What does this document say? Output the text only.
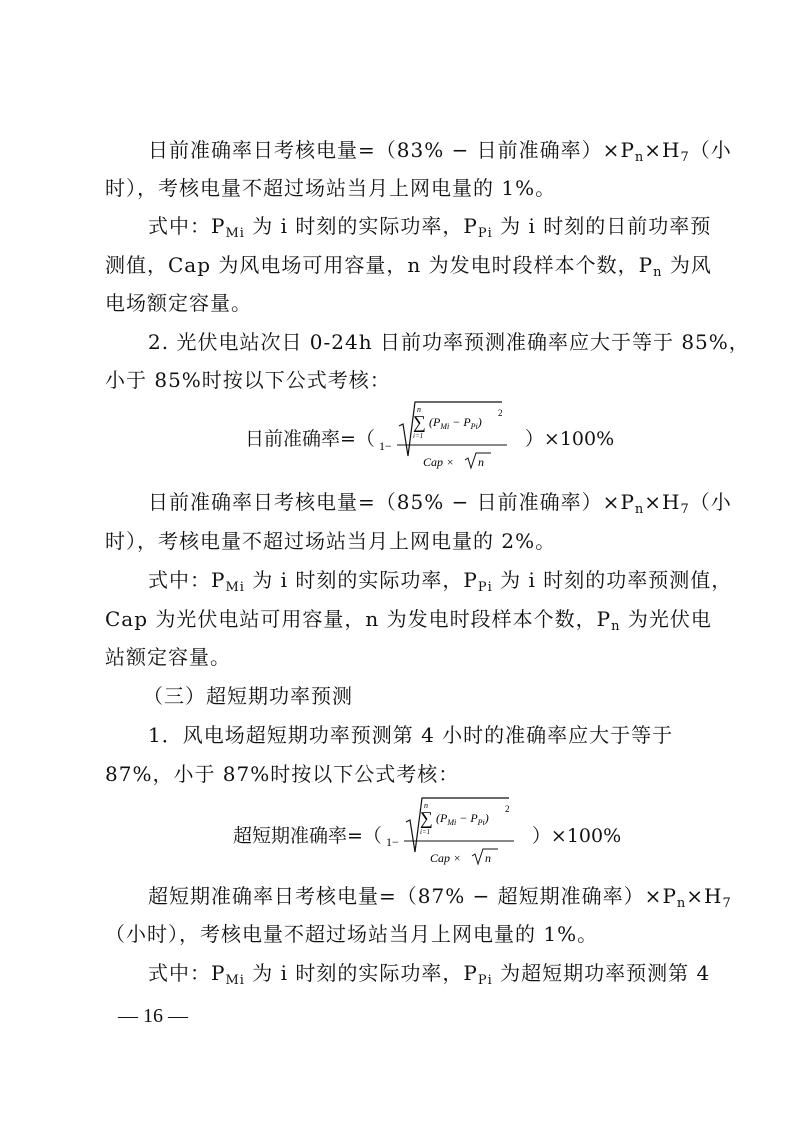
日前准确率日考核电量=（83% − 日前准确率）$\times P_n\times H_7$（小
时），考核电量不超过场站当月上网电量的 1%。
式中：$P_{Mi}$ 为 i 时刻的实际功率，$P_{Pi}$ 为 i 时刻的日前功率预
测值，Cap 为风电场可用容量，n 为发电时段样本个数，$P_n$ 为风
电场额定容量。
2. 光伏电站次日 0-24h 日前功率预测准确率应大于等于 85%，
小于 85%时按以下公式考核：
日前准确率=（ 1−
n
∑
i=1
$(P_{Mi} - P_{Pi})$
2
Cap × n
）×100%
日前准确率日考核电量=（85% − 日前准确率）$\times P_n\times H_7$（小
时），考核电量不超过场站当月上网电量的 2%。
式中：$P_{Mi}$ 为 i 时刻的实际功率，$P_{Pi}$ 为 i 时刻的功率预测值，
Cap 为光伏电站可用容量，n 为发电时段样本个数，$P_n$ 为光伏电
站额定容量。
（三）超短期功率预测
1．风电场超短期功率预测第 4 小时的准确率应大于等于
87%，小于 87%时按以下公式考核：
超短期准确率=（ 1−
n
∑
i=1
$(P_{Mi} - P_{Pi})$
2
Cap × n
）×100%
超短期准确率日考核电量=（87% − 超短期准确率）$\times P_n\times H_7$
（小时），考核电量不超过场站当月上网电量的 1%。
式中：$P_{Mi}$ 为 i 时刻的实际功率，$P_{Pi}$ 为超短期功率预测第 4
— 16 —
